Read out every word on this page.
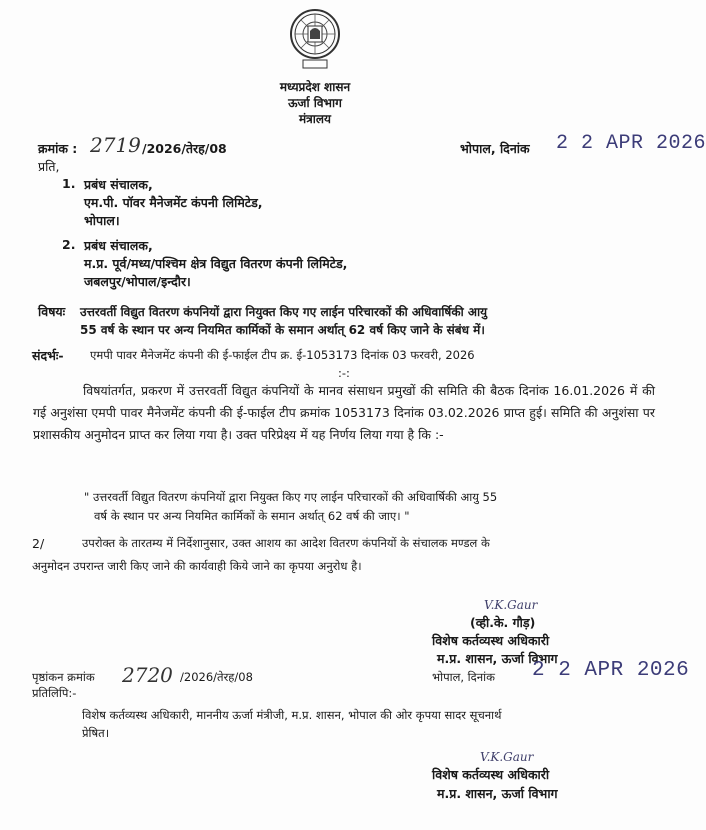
मध्यप्रदेश शासन
ऊर्जा विभाग
मंत्रालय
क्रमांक : 2719 /2026/तेरह/08	भोपाल, दिनांक 2 2 APR 2026
प्रति,
1. प्रबंध संचालक,
एम.पी. पॉवर मैनेजमेंट कंपनी लिमिटेड,
भोपाल।
2. प्रबंध संचालक,
म.प्र. पूर्व/मध्य/पश्चिम क्षेत्र विद्युत वितरण कंपनी लिमिटेड,
जबलपुर/भोपाल/इन्दौर।
विषयः उत्तरवर्ती विद्युत वितरण कंपनियों द्वारा नियुक्त किए गए लाईन परिचारकों की अधिवार्षिकी आयु
55 वर्ष के स्थान पर अन्य नियमित कार्मिकों के समान अर्थात् 62 वर्ष किए जाने के संबंध में।
संदर्भः- एमपी पावर मैनेजमेंट कंपनी की ई-फाईल टीप क्र. ई-1053173 दिनांक 03 फरवरी, 2026
:-:
विषयांतर्गत, प्रकरण में उत्तरवर्ती विद्युत कंपनियों के मानव संसाधन प्रमुखों की समिति की बैठक दिनांक 16.01.2026 में की गई अनुशंसा एमपी पावर मैनेजमेंट कंपनी की ई-फाईल टीप क्रमांक 1053173 दिनांक 03.02.2026 प्राप्त हुई। समिति की अनुशंसा पर प्रशासकीय अनुमोदन प्राप्त कर लिया गया है। उक्त परिप्रेक्ष्य में यह निर्णय लिया गया है कि :-
" उत्तरवर्ती विद्युत वितरण कंपनियों द्वारा नियुक्त किए गए लाईन परिचारकों की अधिवार्षिकी आयु 55
वर्ष के स्थान पर अन्य नियमित कार्मिकों के समान अर्थात् 62 वर्ष की जाए। "
2/	उपरोक्त के तारतम्य में निर्देशानुसार, उक्त आशय का आदेश वितरण कंपनियों के संचालक मण्डल के
अनुमोदन उपरान्त जारी किए जाने की कार्यवाही किये जाने का कृपया अनुरोध है।
V.K.Gaur
(व्ही.के. गौड़)
विशेष कर्तव्यस्थ अधिकारी
म.प्र. शासन, ऊर्जा विभाग
पृष्ठांकन क्रमांक 2720 /2026/तेरह/08	भोपाल, दिनांक 2 2 APR 2026
प्रतिलिपि:-
विशेष कर्तव्यस्थ अधिकारी, माननीय ऊर्जा मंत्रीजी, म.प्र. शासन, भोपाल की ओर कृपया सादर सूचनार्थ
प्रेषित।
V.K.Gaur
विशेष कर्तव्यस्थ अधिकारी
म.प्र. शासन, ऊर्जा विभाग
